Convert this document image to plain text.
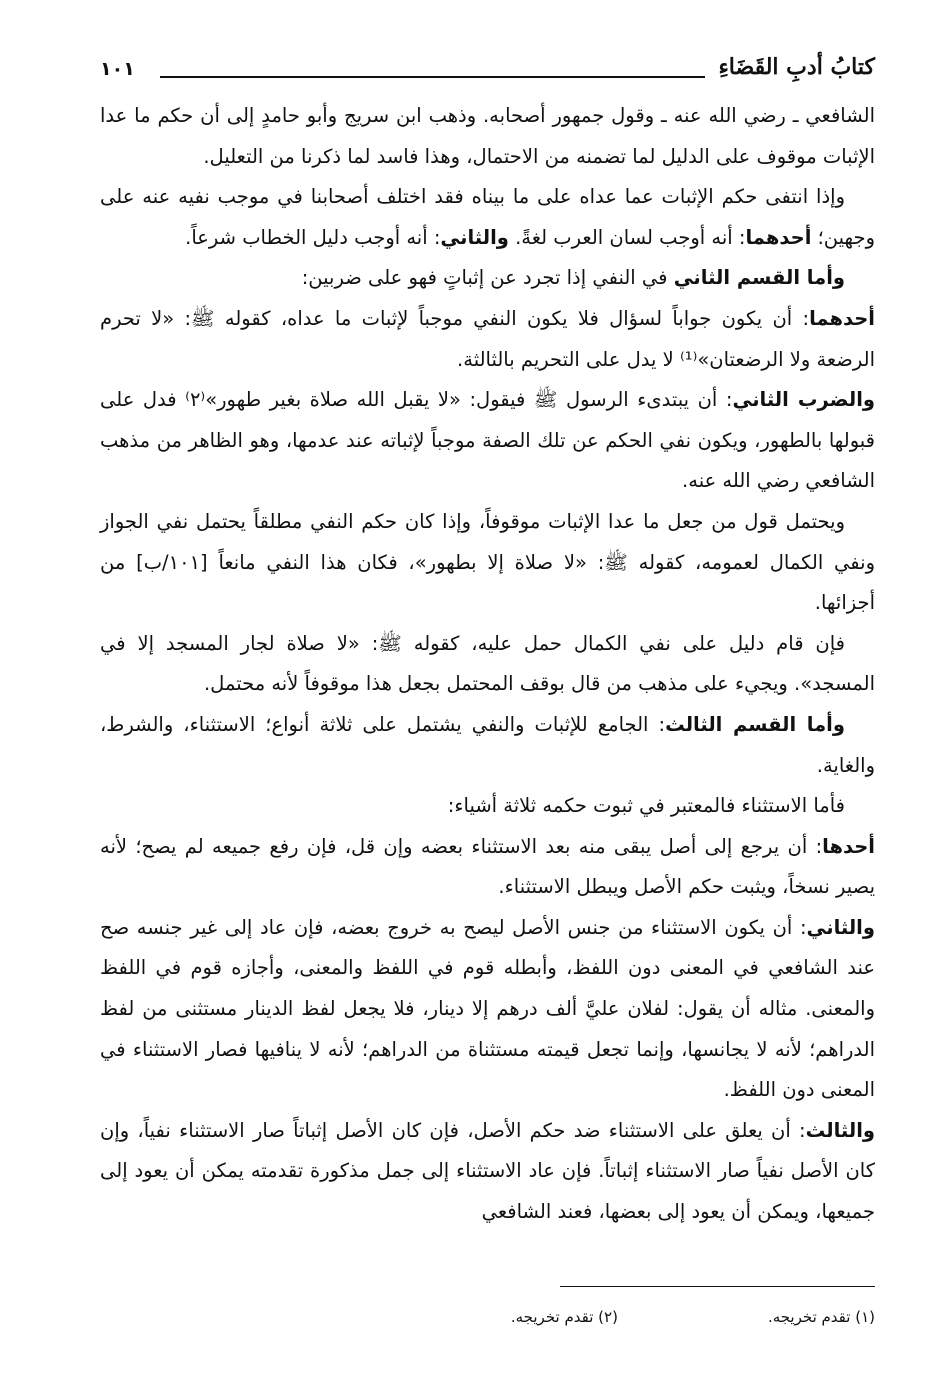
كتابُ أدبِ القَضَاءِ
١٠١

الشافعي ـ رضي الله عنه ـ وقول جمهور أصحابه. وذهب ابن سريج وأبو حامدٍ إلى أن حكم ما عدا الإثبات موقوف على الدليل لما تضمنه من الاحتمال، وهذا فاسد لما ذكرنا من التعليل.

وإذا انتفى حكم الإثبات عما عداه على ما بيناه فقد اختلف أصحابنا في موجب نفيه عنه على وجهين؛ أحدهما: أنه أوجب لسان العرب لغةً. والثاني: أنه أوجب دليل الخطاب شرعاً.

وأما القسم الثاني في النفي إذا تجرد عن إثباتٍ فهو على ضربين:

أحدهما: أن يكون جواباً لسؤال فلا يكون النفي موجباً لإثبات ما عداه، كقوله ﷺ: «لا تحرم الرضعة ولا الرضعتان»⁽¹⁾ لا يدل على التحريم بالثالثة.

والضرب الثاني: أن يبتدىء الرسول ﷺ فيقول: «لا يقبل الله صلاة بغير طهور»⁽٢⁾ فدل على قبولها بالطهور، ويكون نفي الحكم عن تلك الصفة موجباً لإثباته عند عدمها، وهو الظاهر من مذهب الشافعي رضي الله عنه.

ويحتمل قول من جعل ما عدا الإثبات موقوفاً، وإذا كان حكم النفي مطلقاً يحتمل نفي الجواز ونفي الكمال لعمومه، كقوله ﷺ: «لا صلاة إلا بطهور»، فكان هذا النفي مانعاً [١٠١/ب] من أجزائها.

فإن قام دليل على نفي الكمال حمل عليه، كقوله ﷺ: «لا صلاة لجار المسجد إلا في المسجد». ويجيء على مذهب من قال بوقف المحتمل بجعل هذا موقوفاً لأنه محتمل.

وأما القسم الثالث: الجامع للإثبات والنفي يشتمل على ثلاثة أنواع؛ الاستثناء، والشرط، والغاية.

فأما الاستثناء فالمعتبر في ثبوت حكمه ثلاثة أشياء:

أحدها: أن يرجع إلى أصل يبقى منه بعد الاستثناء بعضه وإن قل، فإن رفع جميعه لم يصح؛ لأنه يصير نسخاً، ويثبت حكم الأصل ويبطل الاستثناء.

والثاني: أن يكون الاستثناء من جنس الأصل ليصح به خروج بعضه، فإن عاد إلى غير جنسه صح عند الشافعي في المعنى دون اللفظ، وأبطله قوم في اللفظ والمعنى، وأجازه قوم في اللفظ والمعنى. مثاله أن يقول: لفلان عليَّ ألف درهم إلا دينار، فلا يجعل لفظ الدينار مستثنى من لفظ الدراهم؛ لأنه لا يجانسها، وإنما تجعل قيمته مستثناة من الدراهم؛ لأنه لا ينافيها فصار الاستثناء في المعنى دون اللفظ.

والثالث: أن يعلق على الاستثناء ضد حكم الأصل، فإن كان الأصل إثباتاً صار الاستثناء نفياً، وإن كان الأصل نفياً صار الاستثناء إثباتاً. فإن عاد الاستثناء إلى جمل مذكورة تقدمته يمكن أن يعود إلى جميعها، ويمكن أن يعود إلى بعضها، فعند الشافعي

(١) تقدم تخريجه.
(٢) تقدم تخريجه.
